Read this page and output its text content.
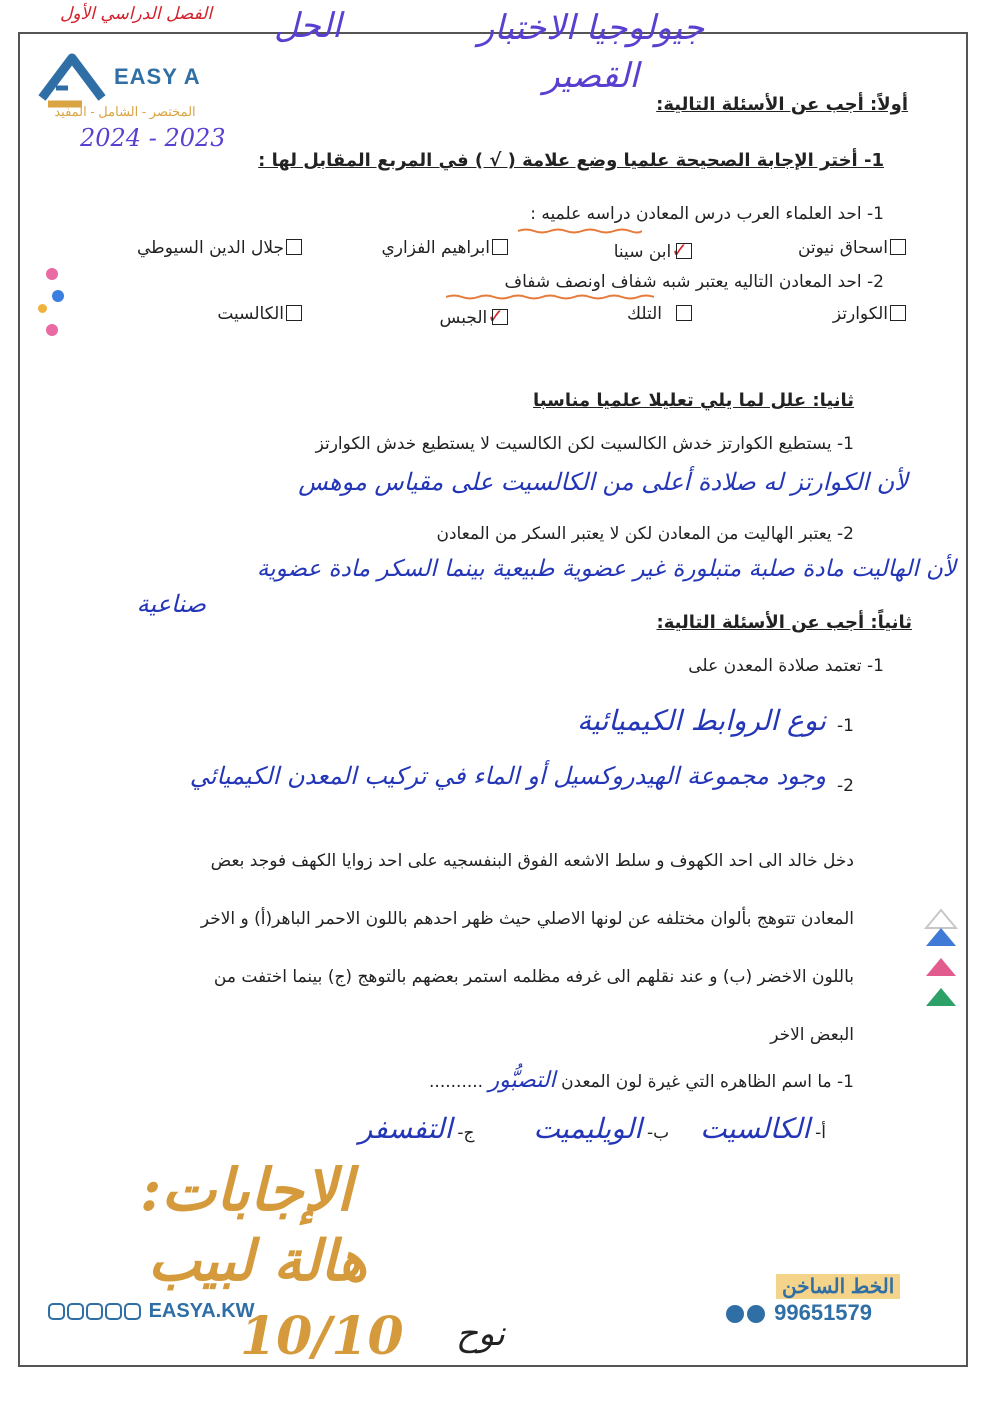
الفصل الدراسي الأول الحل	جيولوجيا الاختبار القصير
2024 - 2023
EASY A
المختصر - الشامل - المفيد	أولاً: أجب عن الأسئلة التالية:
1- أختر الإجابة الصحيحة علميا وضع علامة ( √ ) في المربع المقابل لها :
1- احد العلماء العرب درس المعادن دراسه علميه :
اسحاق نيوتن
✓ابن سينا
ابراهيم الفزاري
جلال الدين السيوطي
2- احد المعادن التاليه يعتبر شبه شفاف اونصف شفاف
الكوارتز
التلك
✓الجبس
الكالسيت
ثانيا: علل لما يلي تعليلا علميا مناسبا
1- يستطيع الكوارتز خدش الكالسيت لكن الكالسيت لا يستطيع خدش الكوارتز
لأن الكوارتز له صلادة أعلى من الكالسيت على مقياس موهس
2- يعتبر الهاليت من المعادن لكن لا يعتبر السكر من المعادن
لأن الهاليت مادة صلبة متبلورة غير عضوية طبيعية بينما السكر مادة عضوية
صناعية
ثانياً: أجب عن الأسئلة التالية:
1- تعتمد صلادة المعدن على
1-
نوع الروابط الكيميائية
2-
وجود مجموعة الهيدروكسيل أو الماء في تركيب المعدن الكيميائي
دخل خالد الى احد الكهوف و سلط الاشعه الفوق البنفسجيه على احد زوايا الكهف فوجد بعض
المعادن تتوهج بألوان مختلفه عن لونها الاصلي حيث ظهر احدهم باللون الاحمر الباهر(أ) و الاخر
باللون الاخضر (ب) و عند نقلهم الى غرفه مظلمه استمر بعضهم بالتوهج (ج) بينما اختفت من
البعض الاخر
1- ما اسم الظاهره التي غيرة لون المعدن التصبُّور ..........
أ- الكالسيت ب- الويليميت ج- التفسفر
الإجابات:
هالة لبيب
10/10 نوح
EASYA.KW
الخط الساخن
99651579
